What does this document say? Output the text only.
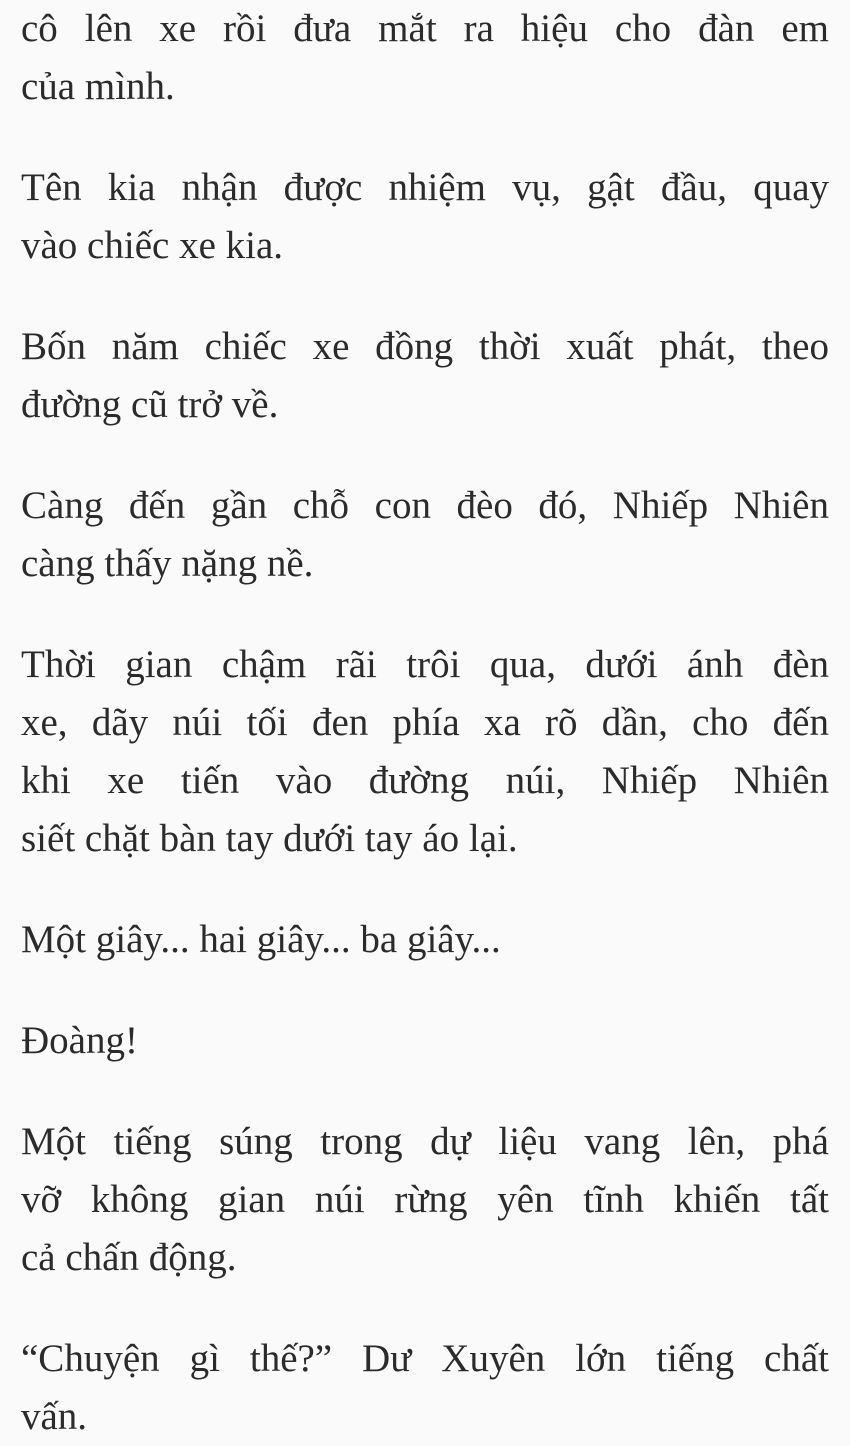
cô lên xe rồi đưa mắt ra hiệu cho đàn em
của mình.
Tên kia nhận được nhiệm vụ, gật đầu, quay
vào chiếc xe kia.
Bốn năm chiếc xe đồng thời xuất phát, theo
đường cũ trở về.
Càng đến gần chỗ con đèo đó, Nhiếp Nhiên
càng thấy nặng nề.
Thời gian chậm rãi trôi qua, dưới ánh đèn
xe, dãy núi tối đen phía xa rõ dần, cho đến
khi xe tiến vào đường núi, Nhiếp Nhiên
siết chặt bàn tay dưới tay áo lại.
Một giây... hai giây... ba giây...
Đoàng!
Một tiếng súng trong dự liệu vang lên, phá
vỡ không gian núi rừng yên tĩnh khiến tất
cả chấn động.
“Chuyện gì thế?” Dư Xuyên lớn tiếng chất
vấn.
